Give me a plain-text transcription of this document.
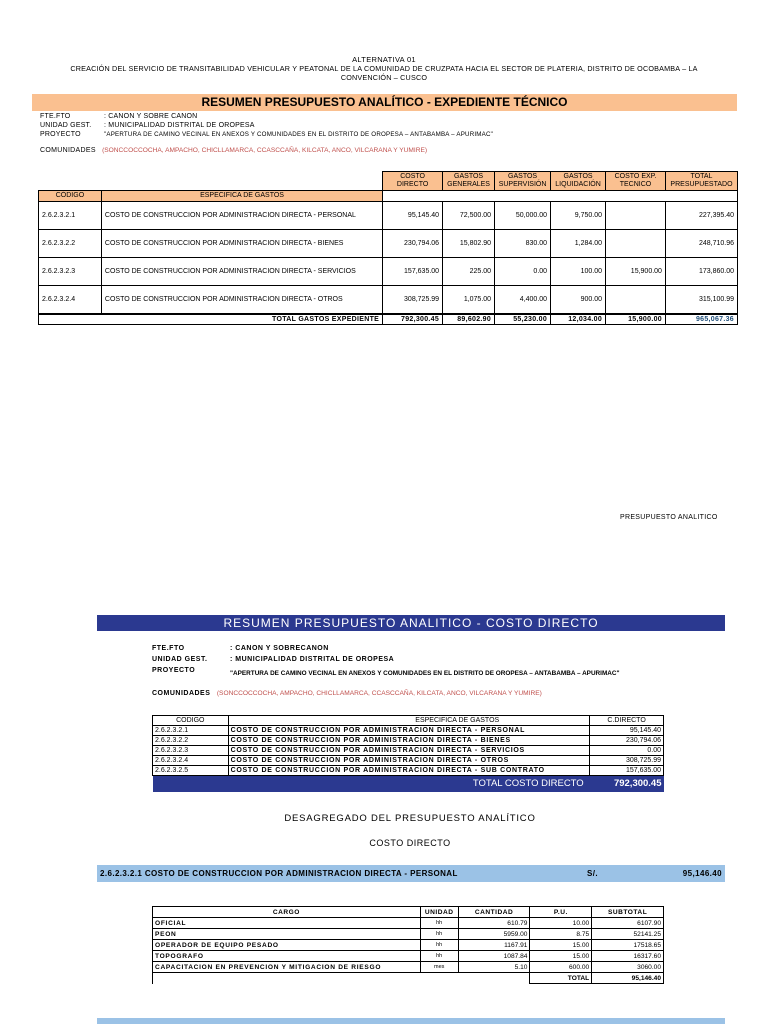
ALTERNATIVA 01
CREACIÓN DEL SERVICIO DE TRANSITABILIDAD VEHICULAR Y PEATONAL DE LA COMUNIDAD DE CRUZPATA HACIA EL SECTOR DE PLATERIA, DISTRITO DE OCOBAMBA – LA CONVENCIÓN – CUSCO
RESUMEN PRESUPUESTO ANALÍTICO - EXPEDIENTE TÉCNICO
FTE.FTO	: CANON Y SOBRE CANON
UNIDAD GEST. : MUNICIPALIDAD DISTRITAL DE OROPESA
PROYECTO	"APERTURA DE CAMINO VECINAL EN ANEXOS Y COMUNIDADES EN EL DISTRITO DE OROPESA – ANTABAMBA – APURIMAC"
COMUNIDADES (SONCCOCCOCHA, AMPACHO, CHICLLAMARCA, CCASCCAÑA, KILCATA, ANCO, VILCARANA Y YUMIRE)
		COSTO DIRECTO	GASTOS GENERALES	GASTOS SUPERVISIÓN	GASTOS LIQUIDACIÓN	COSTO EXP. TECNICO	TOTAL PRESUPUESTADO
CÓDIGO	ESPECIFICA DE GASTOS						
2.6.2.3.2.1	COSTO DE CONSTRUCCION POR ADMINISTRACION DIRECTA - PERSONAL	95,145.40	72,500.00	50,000.00	9,750.00		227,395.40
2.6.2.3.2.2	COSTO DE CONSTRUCCION POR ADMINISTRACION DIRECTA - BIENES	230,794.06	15,802.90	830.00	1,284.00		248,710.96
2.6.2.3.2.3	COSTO DE CONSTRUCCION POR ADMINISTRACION DIRECTA - SERVICIOS	157,635.00	225.00	0.00	100.00	15,900.00	173,860.00
2.6.2.3.2.4	COSTO DE CONSTRUCCION POR ADMINISTRACION DIRECTA - OTROS	308,725.99	1,075.00	4,400.00	900.00		315,100.99
TOTAL GASTOS EXPEDIENTE		792,300.45	89,602.90	55,230.00	12,034.00	15,900.00	965,067.36
PRESUPUESTO ANALITICO
RESUMEN PRESUPUESTO ANALITICO - COSTO DIRECTO
FTE.FTO	: CANON Y SOBRECANON
UNIDAD GEST.	: MUNICIPALIDAD DISTRITAL DE OROPESA
PROYECTO	"APERTURA DE CAMINO VECINAL EN ANEXOS Y COMUNIDADES EN EL DISTRITO DE OROPESA – ANTABAMBA – APURIMAC"
COMUNIDADES (SONCCOCCOCHA, AMPACHO, CHICLLAMARCA, CCASCCAÑA, KILCATA, ANCO, VILCARANA Y YUMIRE)
CODIGO	ESPECIFICA DE GASTOS	C.DIRECTO
2.6.2.3.2.1	COSTO DE CONSTRUCCION POR ADMINISTRACION DIRECTA - PERSONAL	95,145.40
2.6.2.3.2.2	COSTO DE CONSTRUCCION POR ADMINISTRACION DIRECTA - BIENES	230,794.06
2.6.2.3.2.3	COSTO DE CONSTRUCCION POR ADMINISTRACION DIRECTA - SERVICIOS	0.00
2.6.2.3.2.4	COSTO DE CONSTRUCCION POR ADMINISTRACION DIRECTA - OTROS	308,725.99
2.6.2.3.2.5	COSTO DE CONSTRUCCION POR ADMINISTRACION DIRECTA - SUB CONTRATO	157,635.00
TOTAL COSTO DIRECTO		792,300.45
DESAGREGADO DEL PRESUPUESTO ANALÍTICO
COSTO DIRECTO
2.6.2.3.2.1 COSTO DE CONSTRUCCION POR ADMINISTRACION DIRECTA - PERSONAL	S/.	95,146.40
CARGO	UNIDAD	CANTIDAD	P.U.	SUBTOTAL
OFICIAL	hh	610.79	10.00	6107.90
PEON	hh	5959.00	8.75	52141.25
OPERADOR DE EQUIPO PESADO	hh	1167.91	15.00	17518.65
TOPOGRAFO	hh	1087.84	15.00	16317.60
CAPACITACION EN PREVENCION Y MITIGACION DE RIESGO	mes	5.10	600.00	3060.00
			TOTAL	95,146.40
